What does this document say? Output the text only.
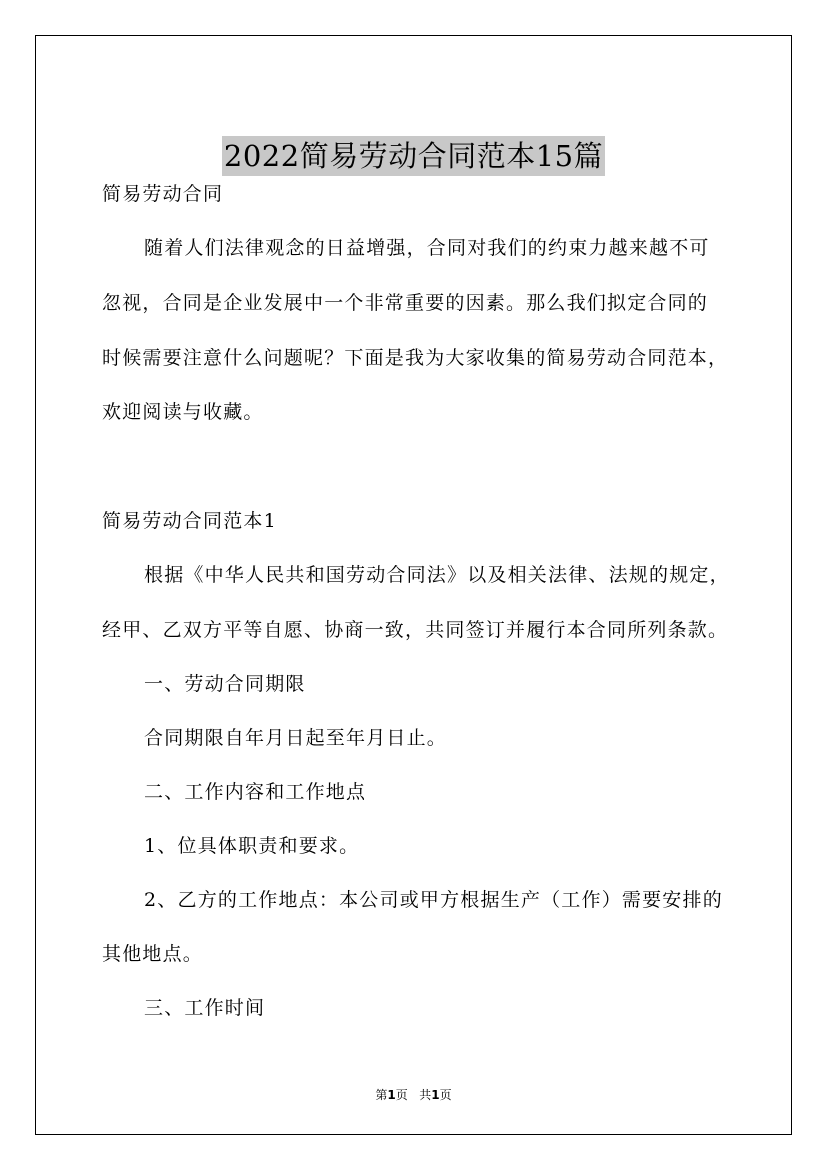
2022简易劳动合同范本15篇
简易劳动合同
随着人们法律观念的日益增强，合同对我们的约束力越来越不可
忽视，合同是企业发展中一个非常重要的因素。那么我们拟定合同的
时候需要注意什么问题呢？下面是我为大家收集的简易劳动合同范本，
欢迎阅读与收藏。
简易劳动合同范本1
根据《中华人民共和国劳动合同法》以及相关法律、法规的规定，
经甲、乙双方平等自愿、协商一致，共同签订并履行本合同所列条款。
一、劳动合同期限
合同期限自年月日起至年月日止。
二、工作内容和工作地点
1、位具体职责和要求。
2、乙方的工作地点：本公司或甲方根据生产（工作）需要安排的
其他地点。
三、工作时间
第1页 共1页
